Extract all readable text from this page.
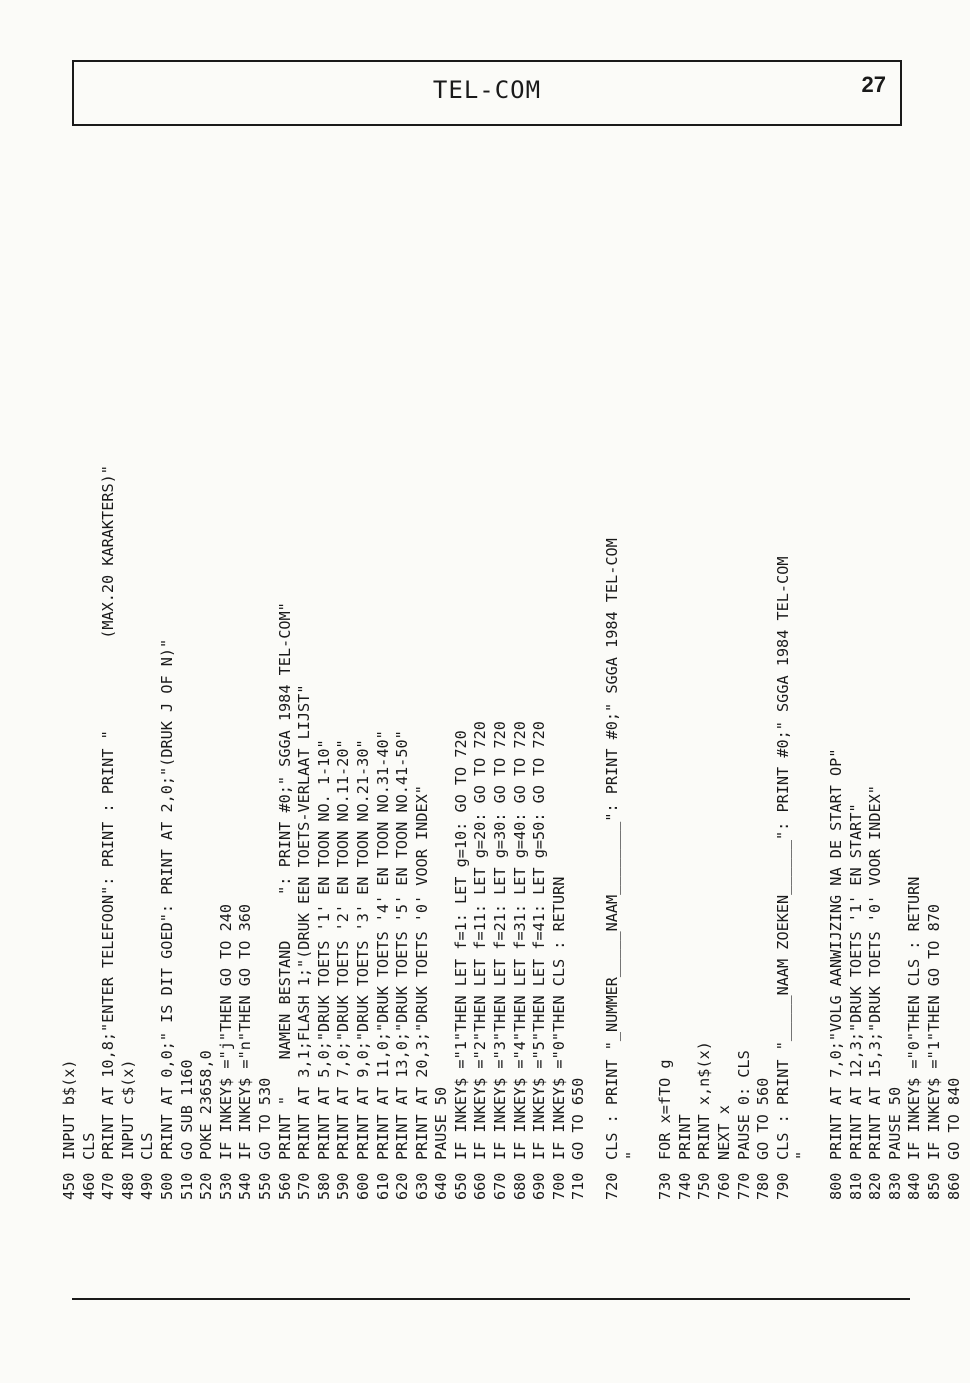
TEL-COM	27
450INPUT b$(x)
460CLS
470PRINT AT 10,8;"ENTER TELEFOON": PRINT : PRINT "          (MAX.20 KARAKTERS)"
480INPUT c$(x)
490CLS
500PRINT AT 0,0;" IS DIT GOED": PRINT AT 2,0;"(DRUK J OF N)"
510GO SUB 1160
520POKE 23658,0
530IF INKEY$ ="j"THEN GO TO 240
540IF INKEY$ ="n"THEN GO TO 360
550GO TO 530
560PRINT "    NAMEN BESTAND     ": PRINT #0;" SGGA 1984 TEL-COM"
570PRINT AT 3,1;FLASH 1;"(DRUK EEN TOETS-VERLAAT LIJST"
580PRINT AT 5,0;"DRUK TOETS '1' EN TOON NO. 1-10"
590PRINT AT 7,0;"DRUK TOETS '2' EN TOON NO.11-20"
600PRINT AT 9,0;"DRUK TOETS '3' EN TOON NO.21-30"
610PRINT AT 11,0;"DRUK TOETS '4' EN TOON NO.31-40"
620PRINT AT 13,0;"DRUK TOETS '5' EN TOON NO.41-50"
630PRINT AT 20,3;"DRUK TOETS '0' VOOR INDEX"
640PAUSE 50
650IF INKEY$ ="1"THEN LET f=1: LET g=10: GO TO 720
660IF INKEY$ ="2"THEN LET f=11: LET g=20: GO TO 720
670IF INKEY$ ="3"THEN LET f=21: LET g=30: GO TO 720
680IF INKEY$ ="4"THEN LET f=31: LET g=40: GO TO 720
690IF INKEY$ ="5"THEN LET f=41: LET g=50: GO TO 720
700IF INKEY$ ="0"THEN CLS : RETURN
710GO TO 650
720CLS : PRINT "_NUMMER_____NAAM________": PRINT #0;" SGGA 1984 TEL-COM "
730FOR x=fTO g
740PRINT
750PRINT x,n$(x)
760NEXT x
770PAUSE 0: CLS
780GO TO 560
790CLS : PRINT "_____NAAM ZOEKEN______": PRINT #0;" SGGA 1984 TEL-COM "
800PRINT AT 7,0;"VOLG AANWIJZING NA DE START OP"
810PRINT AT 12,3;"DRUK TOETS '1' EN START"
820PRINT AT 15,3;"DRUK TOETS '0' VOOR INDEX"
830PAUSE 50
840IF INKEY$ ="0"THEN CLS : RETURN
850IF INKEY$ ="1"THEN GO TO 870
860GO TO 840
